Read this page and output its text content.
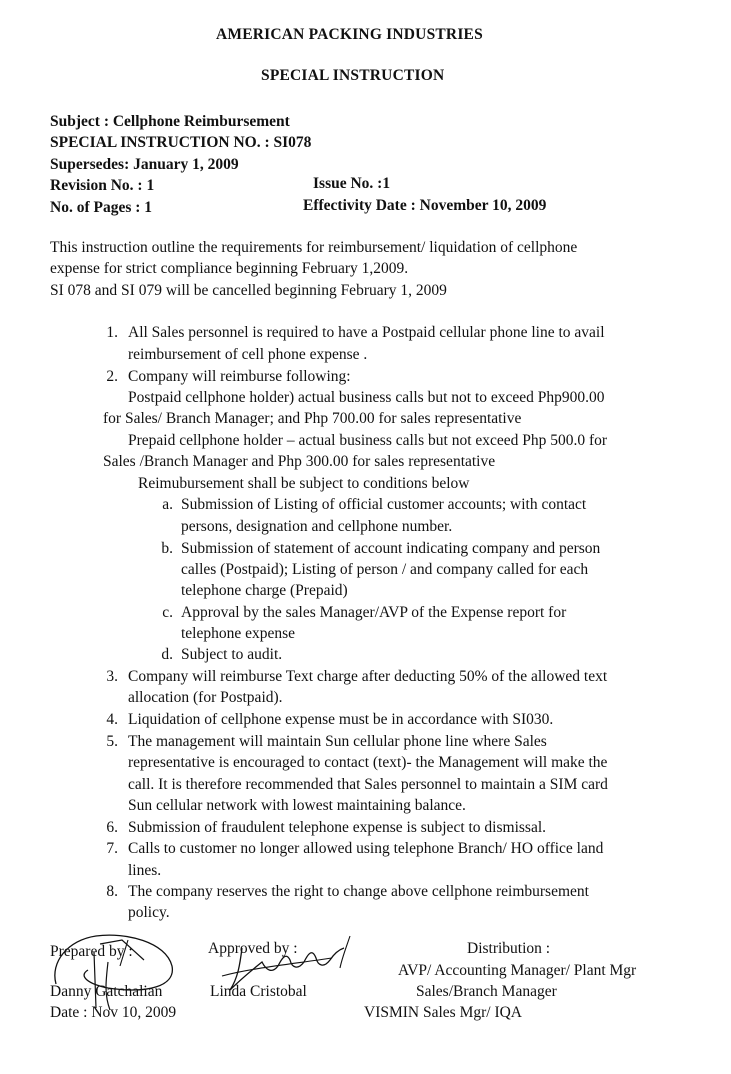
AMERICAN PACKING INDUSTRIES
SPECIAL INSTRUCTION
Subject : Cellphone Reimbursement
SPECIAL INSTRUCTION NO. : SI078
Supersedes: January 1, 2009
Revision No. : 1	Issue No. :1
No. of Pages : 1	Effectivity Date : November 10, 2009
This instruction outline the requirements for reimbursement/ liquidation of cellphone
expense for strict compliance beginning February 1,2009.
SI 078 and SI 079 will be cancelled beginning February 1, 2009
1. All Sales personnel is required to have a Postpaid cellular phone line to avail
reimbursement of cell phone expense .
2. Company will reimburse following:
Postpaid cellphone holder) actual business calls but not to exceed Php900.00
for Sales/ Branch Manager; and Php 700.00 for sales representative
Prepaid cellphone holder – actual business calls but not exceed Php 500.0 for
Sales /Branch Manager and Php 300.00 for sales representative
Reimubursement shall be subject to conditions below
a. Submission of Listing of official customer accounts; with contact
persons, designation and cellphone number.
b. Submission of statement of account indicating company and person
calles (Postpaid); Listing of person / and company called for each
telephone charge (Prepaid)
c. Approval by the sales Manager/AVP of the Expense report for
telephone expense
d. Subject to audit.
3. Company will reimburse Text charge after deducting 50% of the allowed text
allocation (for Postpaid).
4. Liquidation of cellphone expense must be in accordance with SI030.
5. The management will maintain Sun cellular phone line where Sales
representative is encouraged to contact (text)- the Management will make the
call. It is therefore recommended that Sales personnel to maintain a SIM card
Sun cellular network with lowest maintaining balance.
6. Submission of fraudulent telephone expense is subject to dismissal.
7. Calls to customer no longer allowed using telephone Branch/ HO office land
lines.
8. The company reserves the right to change above cellphone reimbursement
policy.
Prepared by :
Danny Gatchalian
Date : Nov 10, 2009
Approved by :
Linda Cristobal
Distribution :
AVP/ Accounting Manager/ Plant Mgr
Sales/Branch Manager
VISMIN Sales Mgr/ IQA
